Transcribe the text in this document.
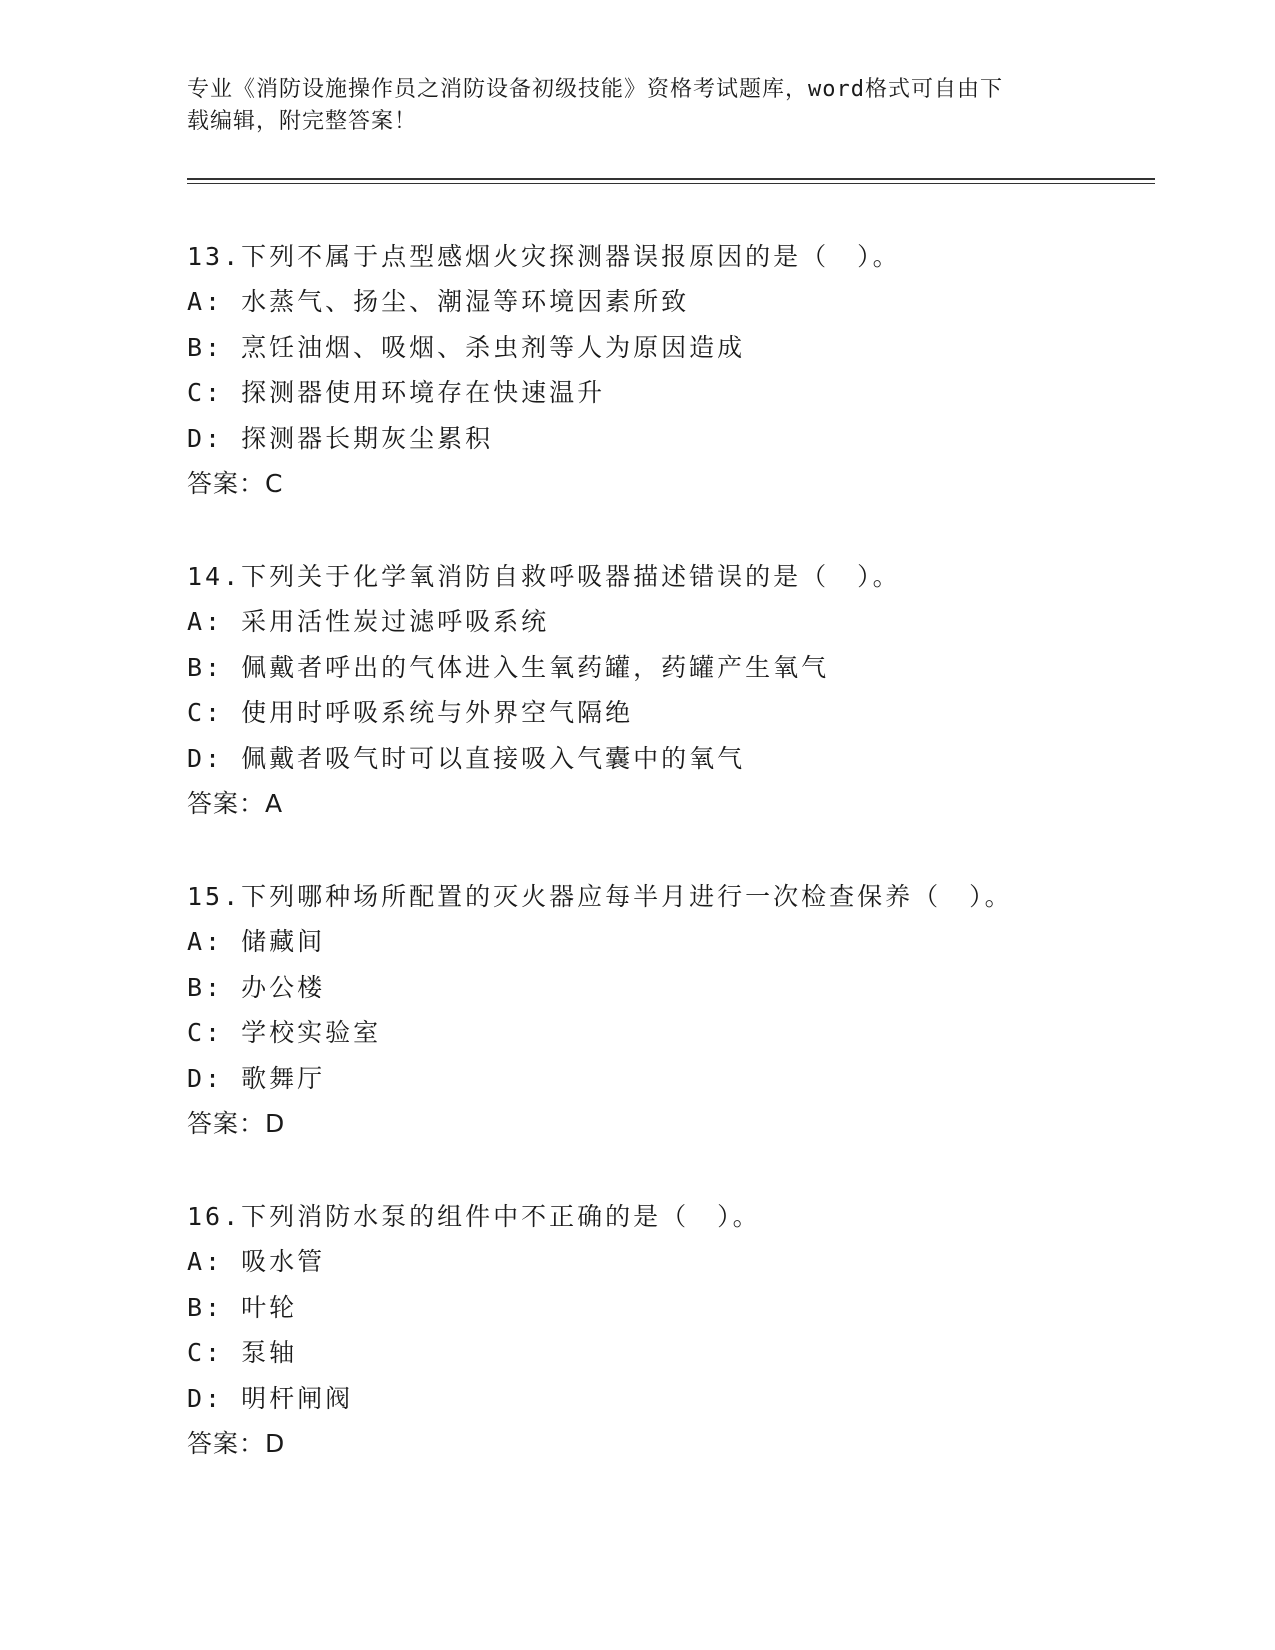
专业《消防设施操作员之消防设备初级技能》资格考试题库，word格式可自由下
载编辑，附完整答案！
13.下列不属于点型感烟火灾探测器误报原因的是（　）。
A: 水蒸气、扬尘、潮湿等环境因素所致
B: 烹饪油烟、吸烟、杀虫剂等人为原因造成
C: 探测器使用环境存在快速温升
D: 探测器长期灰尘累积
答案：C
14.下列关于化学氧消防自救呼吸器描述错误的是（　）。
A: 采用活性炭过滤呼吸系统
B: 佩戴者呼出的气体进入生氧药罐，药罐产生氧气
C: 使用时呼吸系统与外界空气隔绝
D: 佩戴者吸气时可以直接吸入气囊中的氧气
答案：A
15.下列哪种场所配置的灭火器应每半月进行一次检查保养（　）。
A: 储藏间
B: 办公楼
C: 学校实验室
D: 歌舞厅
答案：D
16.下列消防水泵的组件中不正确的是（　）。
A: 吸水管
B: 叶轮
C: 泵轴
D: 明杆闸阀
答案：D
